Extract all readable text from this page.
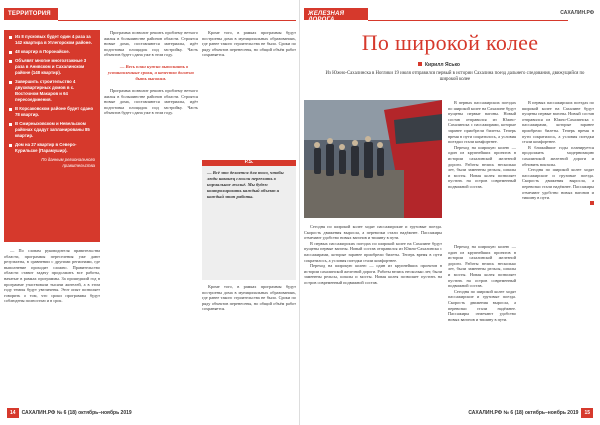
ТЕРРИТОРИЯ
Из 8 пусковых будет один 4 раза за 142 квартира в Углегорском районе.
48 квартир в Поронайске.
Объявят многие многоэтажные 3 раза в Анивском и Сахалинском районе (148 квартир).
Завершить строительство 4 двухквартирных домов в с. Восточном Макаров и 64 пересоединения.
В Корсаковском районе будет сдано 78 квартир.
В Смирныховском и Невельском районах сдадут запланированы 85 квартир.
Дом на 27 квартир в Северо-Курильске (Парамушир).
По данным регионального правительства

— По словам руководителя правительства области, программы переселения уже дают результаты, в сравнении с другими регионами, где выполнение проходит сложно. Правительство области ставит задачу продолжить все работы, начатые в рамках программы. За прошедший год в программе участвовали тысячи жителей, а в этом году темпы будут увеличены. Этот опыт позволяет говорить о том, что сроки программы будут соблюдены полностью и в срок.

Программа позволит решить проблему ветхого жилья в большинстве районов области. Строятся новые дома, поставляются материалы, идёт подготовка площадок под застройку. Часть объектов будет сдана уже в этом году.

— Весь план нужно выполнить в установленные сроки, а качество должно быть высоким.

Программа позволит решить проблему ветхого жилья в большинстве районов области. Строятся новые дома, поставляются материалы, идёт подготовка площадок под застройку. Часть объектов будет сдана уже в этом году.

Кроме того, в рамках программы будут построены дома в муниципальных образованиях, где ранее такого строительства не было. Сроки по ряду объектов перенесены, но общий объём работ сохраняется.

P.S.

— Всё это делается для того, чтобы люди наконец смогли переехать в нормальное жильё. Мы будем контролировать каждый объект и каждый этап работы.

Кроме того, в рамках программы будут построены дома в муниципальных образованиях, где ранее такого строительства не было. Сроки по ряду объектов перенесены, но общий объём работ сохраняется.

14 САХАЛИН.РФ № 6 (18) октябрь–ноябрь 2019
ЖЕЛЕЗНАЯ ДОРОГА
САХАЛИН.РФ
По широкой колее
Кирилл Ясько
Из Южно-Сахалинска в Ноглики 19 июля отправился первый в истории Сахалина поезд дальнего следования, движущийся по широкой колее

В первых пассажирских поездах по широкой колее на Сахалине будут пущены первые вагоны. Новый состав отправился из Южно-Сахалинска с пассажирами, которые заранее приобрели билеты. Теперь время в пути сократилось, а условия поездки стали комфортнее.

Переход на широкую колею — один из крупнейших проектов в истории сахалинской железной дороги. Работы велись несколько лет, были заменены рельсы, шпалы и мосты. Новая колея позволяет пустить на остров современный подвижной состав.

Переход на широкую колею — один из крупнейших проектов в истории сахалинской железной дороги. Работы велись несколько лет, были заменены рельсы, шпалы и мосты. Новая колея позволяет пустить на остров современный подвижной состав.

Сегодня по широкой колее ходят пассажирские и грузовые поезда. Скорость движения выросла, а перевозки стали надёжнее. Пассажиры отмечают удобство новых вагонов и тишину в пути.

Сегодня по широкой колее ходят пассажирские и грузовые поезда. Скорость движения выросла, а перевозки стали надёжнее. Пассажиры отмечают удобство новых вагонов и тишину в пути.

В первых пассажирских поездах по широкой колее на Сахалине будут пущены первые вагоны. Новый состав отправился из Южно-Сахалинска с пассажирами, которые заранее приобрели билеты. Теперь время в пути сократилось, а условия поездки стали комфортнее.

Переход на широкую колею — один из крупнейших проектов в истории сахалинской железной дороги. Работы велись несколько лет, были заменены рельсы, шпалы и мосты. Новая колея позволяет пустить на остров современный подвижной состав.

В первых пассажирских поездах по широкой колее на Сахалине будут пущены первые вагоны. Новый состав отправился из Южно-Сахалинска с пассажирами, которые заранее приобрели билеты. Теперь время в пути сократилось, а условия поездки стали комфортнее.

В ближайшие годы планируется продолжить модернизацию сахалинской железной дороги и обновить вокзалы.

Сегодня по широкой колее ходят пассажирские и грузовые поезда. Скорость движения выросла, а перевозки стали надёжнее. Пассажиры отмечают удобство новых вагонов и тишину в пути.

САХАЛИН.РФ № 6 (18) октябрь–ноябрь 2019 15
